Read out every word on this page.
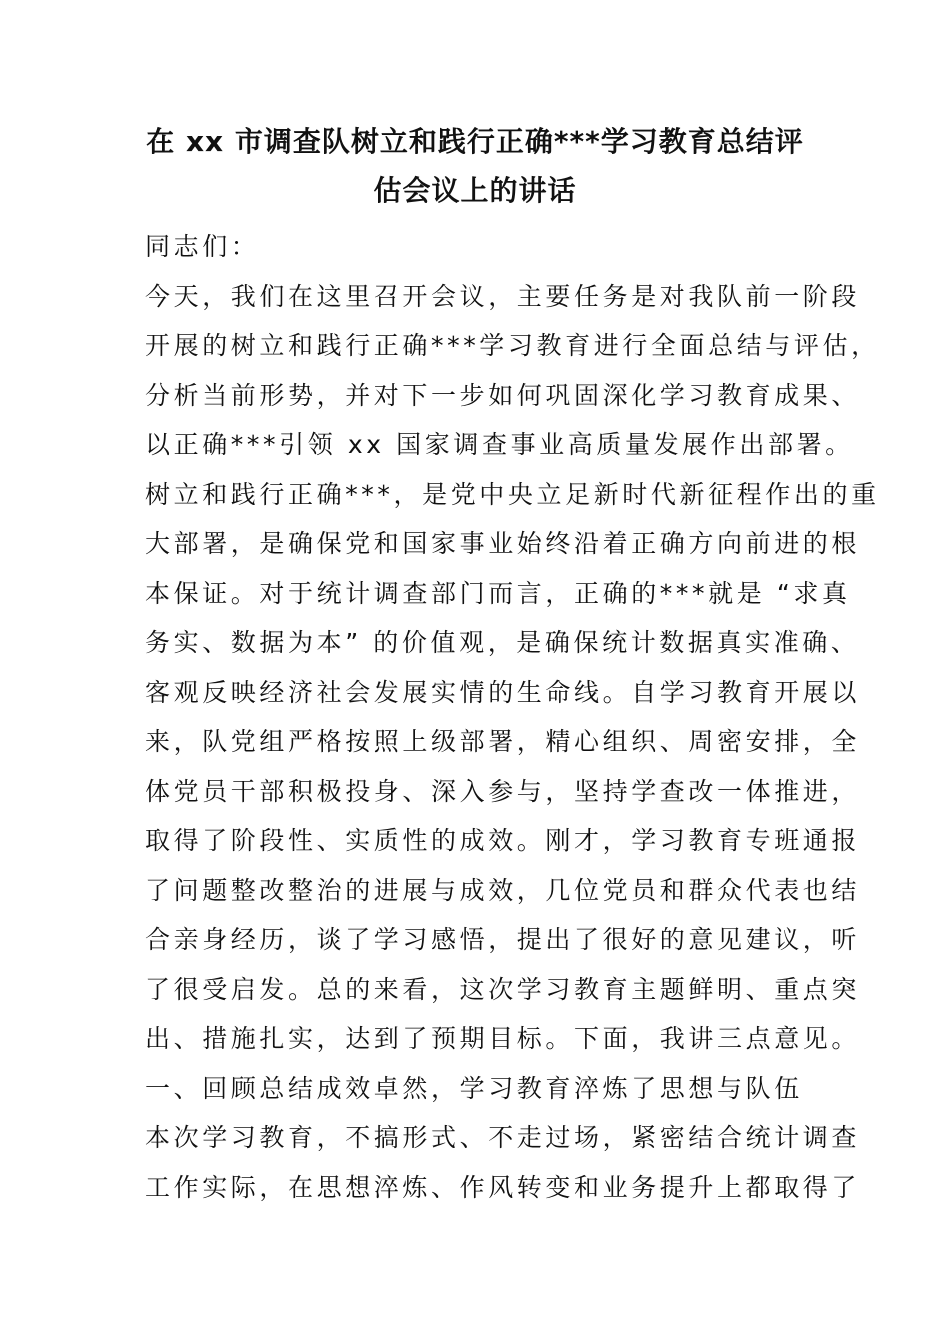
在 xx 市调查队树立和践行正确***学习教育总结评
估会议上的讲话
同志们：
今天，我们在这里召开会议，主要任务是对我队前一阶段
开展的树立和践行正确***学习教育进行全面总结与评估，
分析当前形势，并对下一步如何巩固深化学习教育成果、
以正确***引领 xx 国家调查事业高质量发展作出部署。
树立和践行正确***，是党中央立足新时代新征程作出的重
大部署，是确保党和国家事业始终沿着正确方向前进的根
本保证。对于统计调查部门而言，正确的***就是 “求真
务实、数据为本” 的价值观，是确保统计数据真实准确、
客观反映经济社会发展实情的生命线。自学习教育开展以
来，队党组严格按照上级部署，精心组织、周密安排，全
体党员干部积极投身、深入参与，坚持学查改一体推进，
取得了阶段性、实质性的成效。刚才，学习教育专班通报
了问题整改整治的进展与成效，几位党员和群众代表也结
合亲身经历，谈了学习感悟，提出了很好的意见建议，听
了很受启发。总的来看，这次学习教育主题鲜明、重点突
出、措施扎实，达到了预期目标。下面，我讲三点意见。
一、回顾总结成效卓然，学习教育淬炼了思想与队伍
本次学习教育，不搞形式、不走过场，紧密结合统计调查
工作实际，在思想淬炼、作风转变和业务提升上都取得了
